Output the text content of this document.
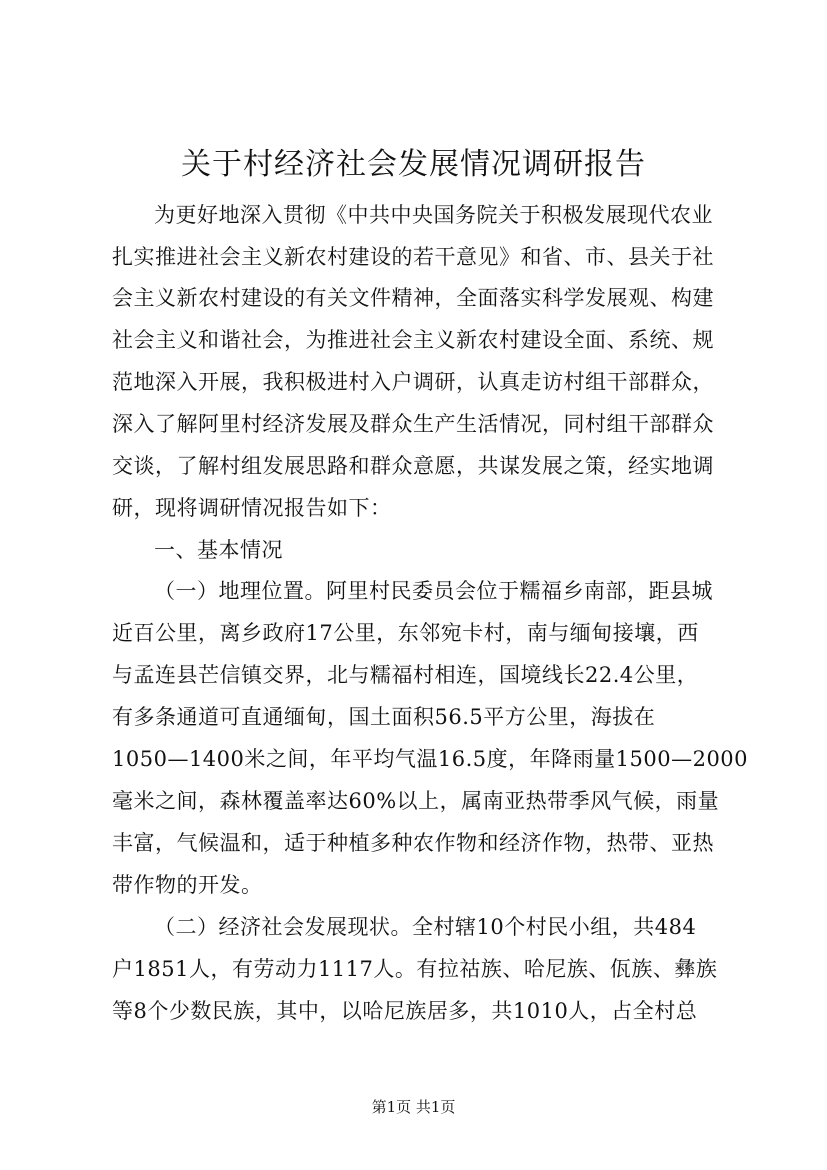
关于村经济社会发展情况调研报告
为更好地深入贯彻《中共中央国务院关于积极发展现代农业
扎实推进社会主义新农村建设的若干意见》和省、市、县关于社
会主义新农村建设的有关文件精神，全面落实科学发展观、构建
社会主义和谐社会，为推进社会主义新农村建设全面、系统、规
范地深入开展，我积极进村入户调研，认真走访村组干部群众，
深入了解阿里村经济发展及群众生产生活情况，同村组干部群众
交谈，了解村组发展思路和群众意愿，共谋发展之策，经实地调
研，现将调研情况报告如下：
一、基本情况
（一）地理位置。阿里村民委员会位于糯福乡南部，距县城
近百公里，离乡政府17公里，东邻宛卡村，南与缅甸接壤，西
与孟连县芒信镇交界，北与糯福村相连，国境线长22.4公里，
有多条通道可直通缅甸，国土面积56.5平方公里，海拔在
1050—1400米之间，年平均气温16.5度，年降雨量1500—2000
毫米之间，森林覆盖率达60%以上，属南亚热带季风气候，雨量
丰富，气候温和，适于种植多种农作物和经济作物，热带、亚热
带作物的开发。
（二）经济社会发展现状。全村辖10个村民小组，共484
户1851人，有劳动力1117人。有拉祜族、哈尼族、佤族、彝族
等8个少数民族，其中，以哈尼族居多，共1010人，占全村总
第1页 共1页
